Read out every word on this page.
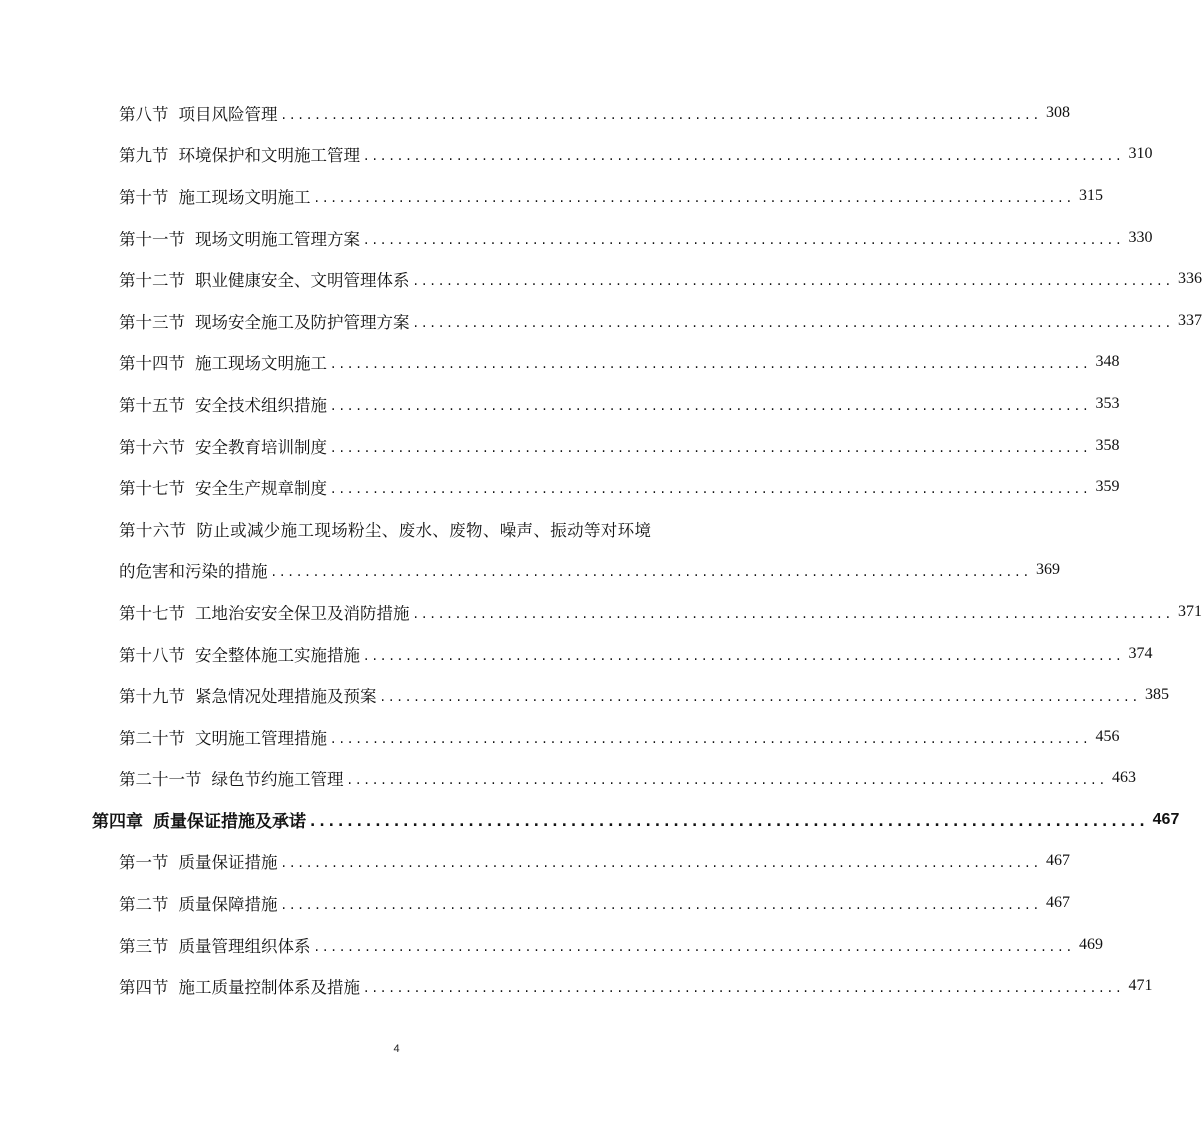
第八节 项目风险管理 .......................................................................................... 308
第九节 环境保护和文明施工管理 .......................................................................................... 310
第十节 施工现场文明施工 .......................................................................................... 315
第十一节 现场文明施工管理方案 .......................................................................................... 330
第十二节 职业健康安全、文明管理体系 .......................................................................................... 336
第十三节 现场安全施工及防护管理方案 .......................................................................................... 337
第十四节 施工现场文明施工 .......................................................................................... 348
第十五节 安全技术组织措施 .......................................................................................... 353
第十六节 安全教育培训制度 .......................................................................................... 358
第十七节 安全生产规章制度 .......................................................................................... 359
第十六节 防止或减少施工现场粉尘、废水、废物、噪声、振动等对环境
的危害和污染的措施 .......................................................................................... 369
第十七节 工地治安安全保卫及消防措施 .......................................................................................... 371
第十八节 安全整体施工实施措施 .......................................................................................... 374
第十九节 紧急情况处理措施及预案 .......................................................................................... 385
第二十节 文明施工管理措施 .......................................................................................... 456
第二十一节 绿色节约施工管理 .......................................................................................... 463
第四章 质量保证措施及承诺 .......................................................................................... 467
第一节 质量保证措施 .......................................................................................... 467
第二节 质量保障措施 .......................................................................................... 467
第三节 质量管理组织体系 .......................................................................................... 469
第四节 施工质量控制体系及措施 .......................................................................................... 471
4
